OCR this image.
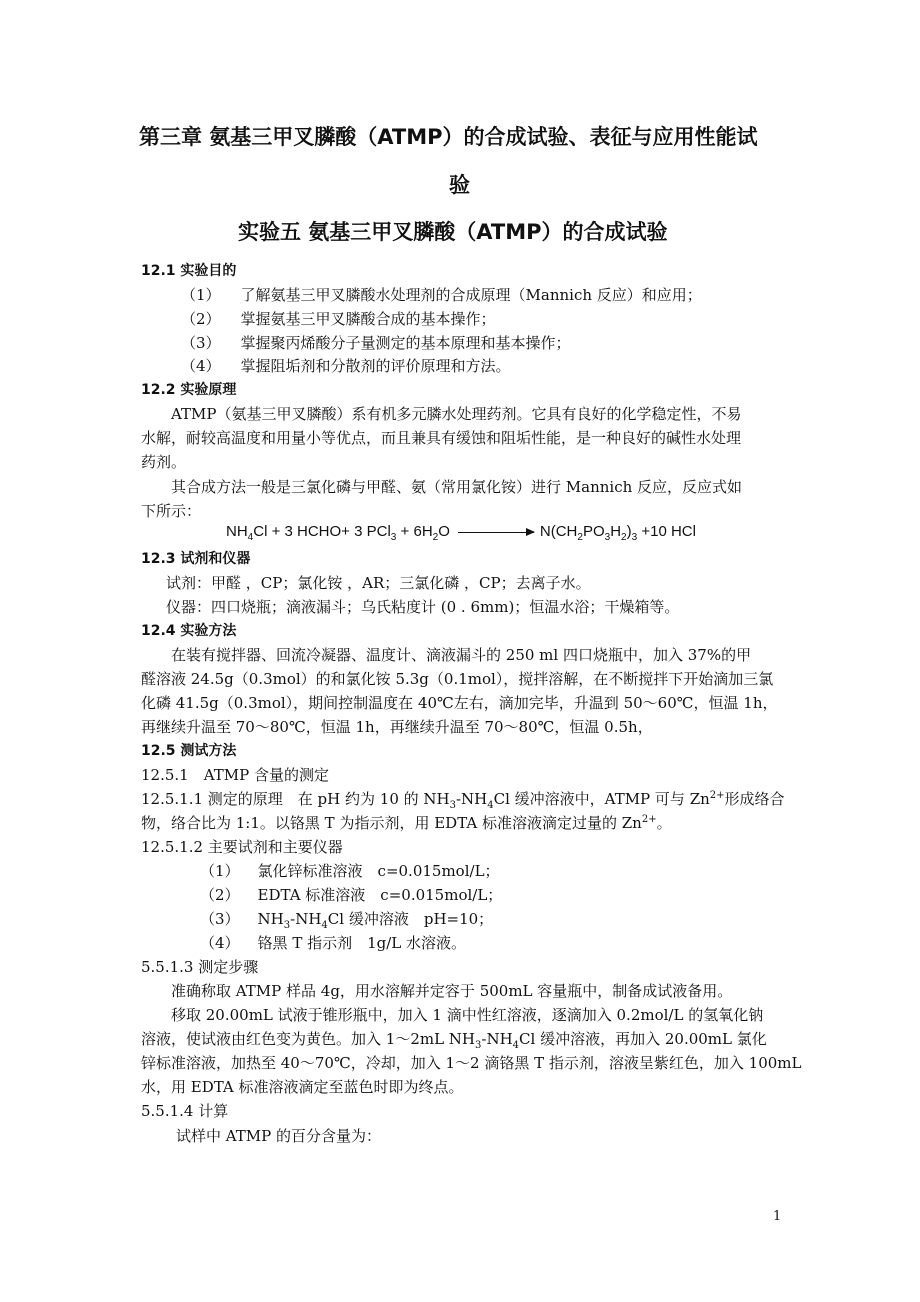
第三章 氨基三甲叉膦酸（ATMP）的合成试验、表征与应用性能试
验
实验五 氨基三甲叉膦酸（ATMP）的合成试验
12.1 实验目的
（1） 了解氨基三甲叉膦酸水处理剂的合成原理（Mannich 反应）和应用；
（2） 掌握氨基三甲叉膦酸合成的基本操作；
（3） 掌握聚丙烯酸分子量测定的基本原理和基本操作；
（4） 掌握阻垢剂和分散剂的评价原理和方法。
12.2 实验原理
ATMP（氨基三甲叉膦酸）系有机多元膦水处理药剂。它具有良好的化学稳定性，不易
水解，耐较高温度和用量小等优点，而且兼具有缓蚀和阻垢性能，是一种良好的碱性水处理
药剂。
其合成方法一般是三氯化磷与甲醛、氨（常用氯化铵）进行 Mannich 反应，反应式如
下所示：
$NH_4Cl + 3$ HCHO+ 3 $PCl_3 + 6H_2O$	$N(CH_2PO_3H_2)_3 +10$ HCl
12.3 试剂和仪器
试剂：甲醛 ，CP；氯化铵 ，AR；三氯化磷 ，CP；去离子水。
仪器：四口烧瓶；滴液漏斗；乌氏粘度计 (0 . 6mm)；恒温水浴；干燥箱等。
12.4 实验方法
在装有搅拌器、回流冷凝器、温度计、滴液漏斗的 250 ml 四口烧瓶中，加入 37%的甲
醛溶液 24.5g（0.3mol）的和氯化铵 5.3g（0.1mol），搅拌溶解，在不断搅拌下开始滴加三氯
化磷 41.5g（0.3mol），期间控制温度在 40℃左右，滴加完毕，升温到 50～60℃，恒温 1h，
再继续升温至 70～80℃，恒温 1h，再继续升温至 70～80℃，恒温 0.5h，
12.5 测试方法
12.5.1　ATMP 含量的测定
12.5.1.1 测定的原理　在 pH 约为 10 的 $NH_3-NH_4Cl$ 缓冲溶液中，ATMP 可与 $Zn^{2+}$形成络合
物，络合比为 1:1。以铬黑 T 为指示剂，用 EDTA 标准溶液滴定过量的 $Zn^{2+}$。
12.5.1.2 主要试剂和主要仪器
（1） 氯化锌标准溶液　c=0.015mol/L；
（2） EDTA 标准溶液　c=0.015mol/L；
（3） $NH_3-NH_4Cl$ 缓冲溶液　pH=10；
（4） 铬黑 T 指示剂　1g/L 水溶液。
5.5.1.3 测定步骤
准确称取 ATMP 样品 4g，用水溶解并定容于 500mL 容量瓶中，制备成试液备用。
移取 20.00mL 试液于锥形瓶中，加入 1 滴中性红溶液，逐滴加入 0.2mol/L 的氢氧化钠
溶液，使试液由红色变为黄色。加入 1～2mL $NH_3-NH_4Cl$ 缓冲溶液，再加入 20.00mL 氯化
锌标准溶液，加热至 40～70℃，冷却，加入 1～2 滴铬黑 T 指示剂，溶液呈紫红色，加入 100mL
水，用 EDTA 标准溶液滴定至蓝色时即为终点。
5.5.1.4 计算
试样中 ATMP 的百分含量为：
1
